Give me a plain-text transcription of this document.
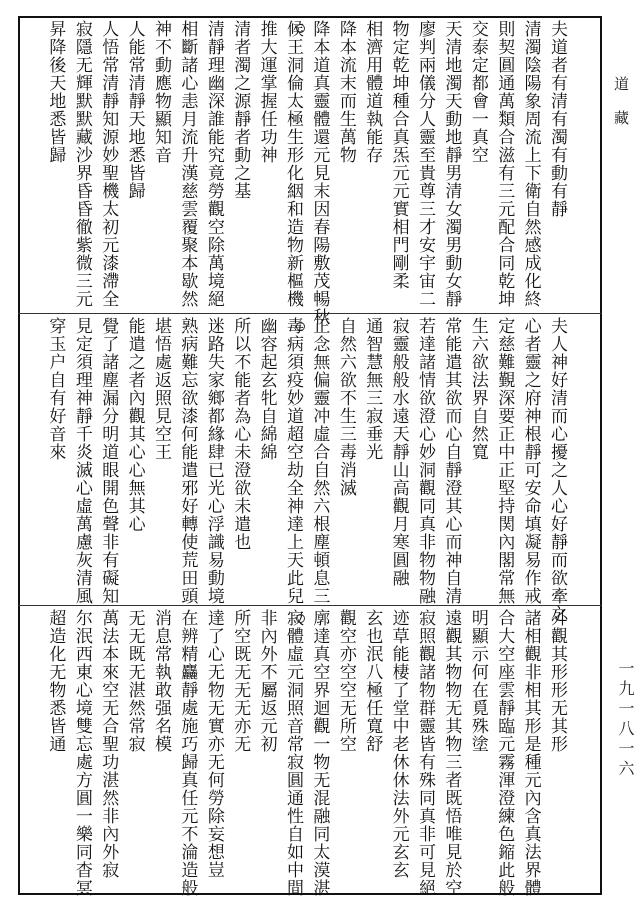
道　藏
一九一八一六
夫道者有清有濁有動有靜
清濁陰陽象周流上下衛自然感成化終
則契圓通萬類合滋有三元配合同乾坤
交泰定都會一真空
天清地濁天動地靜男清女濁男動女靜
廖判兩儀分人靈至貴尊三才安宇宙二
物定乾坤種合真炁元元實相門剛柔
相濟用體道執能存
降本流末而生萬物
降本道真靈體還元見末因春陽敷茂暢秋
候王洞倫太極生形化絪和造物新樞機
推大運掌握任功神
清者濁之源靜者動之基
清靜理幽深誰能究竟勞觀空除萬境絕
相斷諸心恚月流升漢慈雲覆聚本歇然
神不動應物顯知音
人能常清靜天地悉皆歸
人悟常清靜知源妙聖機太初元漆滯全
寂隱无輝默默藏沙界昏昏徹紫微三元
昇降後天地悉皆歸
夫人神好清而心擾之人心好靜而欲牽之
心者靈之府神根靜可安命填凝易作戒
定慈難覲深要正中正堅持関內閣常無
生六欲法界自然寬
常能遣其欲而心自靜澄其心而神自清
若達諸情欲澄心妙洞觀同真非物物融
寂靈般般水遠天靜山高觀月寒圓融
通智慧無三寂垂光
自然六欲不生三毒消滅
正念無偏靈冲虛合自然六根塵頓息三
毒病須疫妙道超空劫全神達上天此兒
幽容起玄牝自綿綿
所以不能者為心未澄欲未遣也
迷路失家鄉都緣肆已光心浮識易動境
熟病難忘欲漆何能遣邪好轉使荒田頭
堪悟處返照見空王
能遣之者內觀其心心無其心
覺了諸塵漏分明道眼開色聲非有礙知
見定須理神靜千炎滅心虛萬慮灰清風
穿玉户自有好音來
外觀其形形无其形
諸相觀非相其形是種元內含真法界體
合大空座雲靜臨元霧渾澄練色鏥此般
明顯示何在覓殊塗
遠觀其物物无其物三者既悟唯見於空
寂照觀諸物群靈皆有殊同真非可見絕
迹草能棲了堂中老休休法外元玄玄
玄也泯八極任寬舒
觀空亦空空无所空
廓達真空界迴觀一物无混融同太漠湛
寂體虛元洞照音常寂圓通性自如中間
非內外不屬返元初
所空既无无无亦无
達了心无物无實亦无何勞除妄想豈
在辨精麤靜處施巧歸真任元不淪造般
消息常執敢强名模
无无既无湛然常寂
萬法本來空无合聖功湛然非內外寂
尔泯西東心境雙忘處方圓一樂同杳冥
超造化无物悉皆通
